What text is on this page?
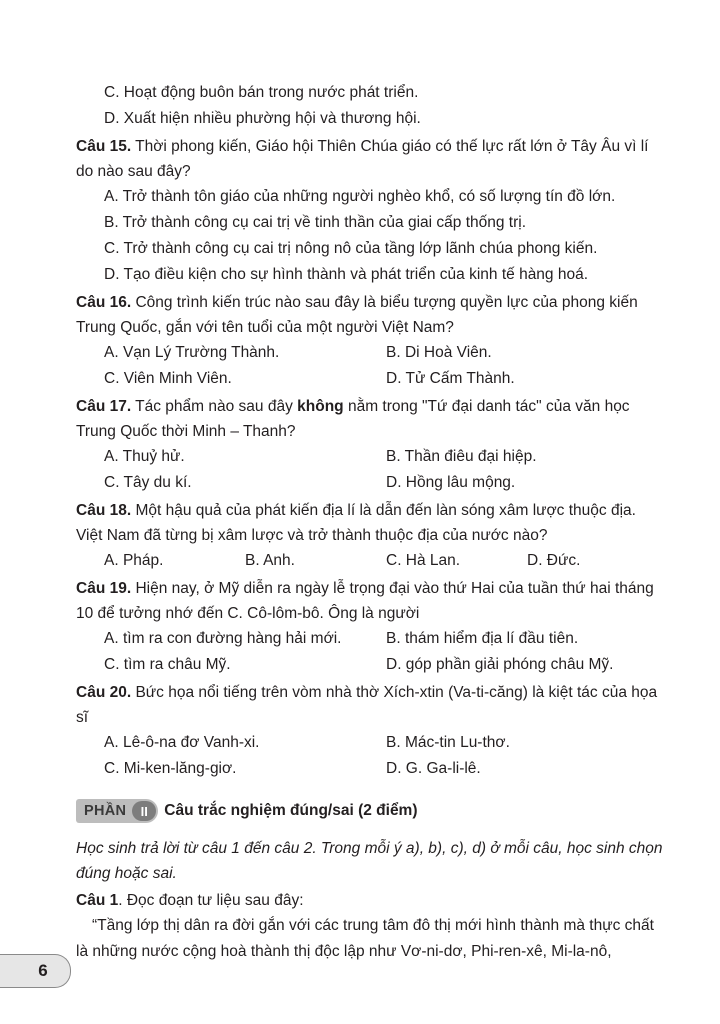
C. Hoạt động buôn bán trong nước phát triển.
D. Xuất hiện nhiều phường hội và thương hội.
Câu 15. Thời phong kiến, Giáo hội Thiên Chúa giáo có thế lực rất lớn ở Tây Âu vì lí do nào sau đây?
A. Trở thành tôn giáo của những người nghèo khổ, có số lượng tín đồ lớn.
B. Trở thành công cụ cai trị về tinh thần của giai cấp thống trị.
C. Trở thành công cụ cai trị nông nô của tầng lớp lãnh chúa phong kiến.
D. Tạo điều kiện cho sự hình thành và phát triển của kinh tế hàng hoá.
Câu 16. Công trình kiến trúc nào sau đây là biểu tượng quyền lực của phong kiến Trung Quốc, gắn với tên tuổi của một người Việt Nam?
A. Vạn Lý Trường Thành.	B. Di Hoà Viên.
C. Viên Minh Viên.	D. Tử Cấm Thành.
Câu 17. Tác phẩm nào sau đây không nằm trong "Tứ đại danh tác" của văn học Trung Quốc thời Minh – Thanh?
A. Thuỷ hử.	B. Thần điêu đại hiệp.
C. Tây du kí.	D. Hồng lâu mộng.
Câu 18. Một hậu quả của phát kiến địa lí là dẫn đến làn sóng xâm lược thuộc địa. Việt Nam đã từng bị xâm lược và trở thành thuộc địa của nước nào?
A. Pháp.	B. Anh.	C. Hà Lan.	D. Đức.
Câu 19. Hiện nay, ở Mỹ diễn ra ngày lễ trọng đại vào thứ Hai của tuần thứ hai tháng 10 để tưởng nhớ đến C. Cô-lôm-bô. Ông là người
A. tìm ra con đường hàng hải mới.	B. thám hiểm địa lí đầu tiên.
C. tìm ra châu Mỹ.	D. góp phần giải phóng châu Mỹ.
Câu 20. Bức họa nổi tiếng trên vòm nhà thờ Xích-xtin (Va-ti-căng) là kiệt tác của họa sĩ
A. Lê-ô-na đơ Vanh-xi.	B. Mác-tin Lu-thơ.
C. Mi-ken-lăng-giơ.	D. G. Ga-li-lê.
PHẦN	II	Câu trắc nghiệm đúng/sai (2 điểm)
Học sinh trả lời từ câu 1 đến câu 2. Trong mỗi ý a), b), c), d) ở mỗi câu, học sinh chọn đúng hoặc sai.
Câu 1. Đọc đoạn tư liệu sau đây:
“Tầng lớp thị dân ra đời gắn với các trung tâm đô thị mới hình thành mà thực chất là những nước cộng hoà thành thị độc lập như Vơ-ni-dơ, Phi-ren-xê, Mi-la-nô,
6
